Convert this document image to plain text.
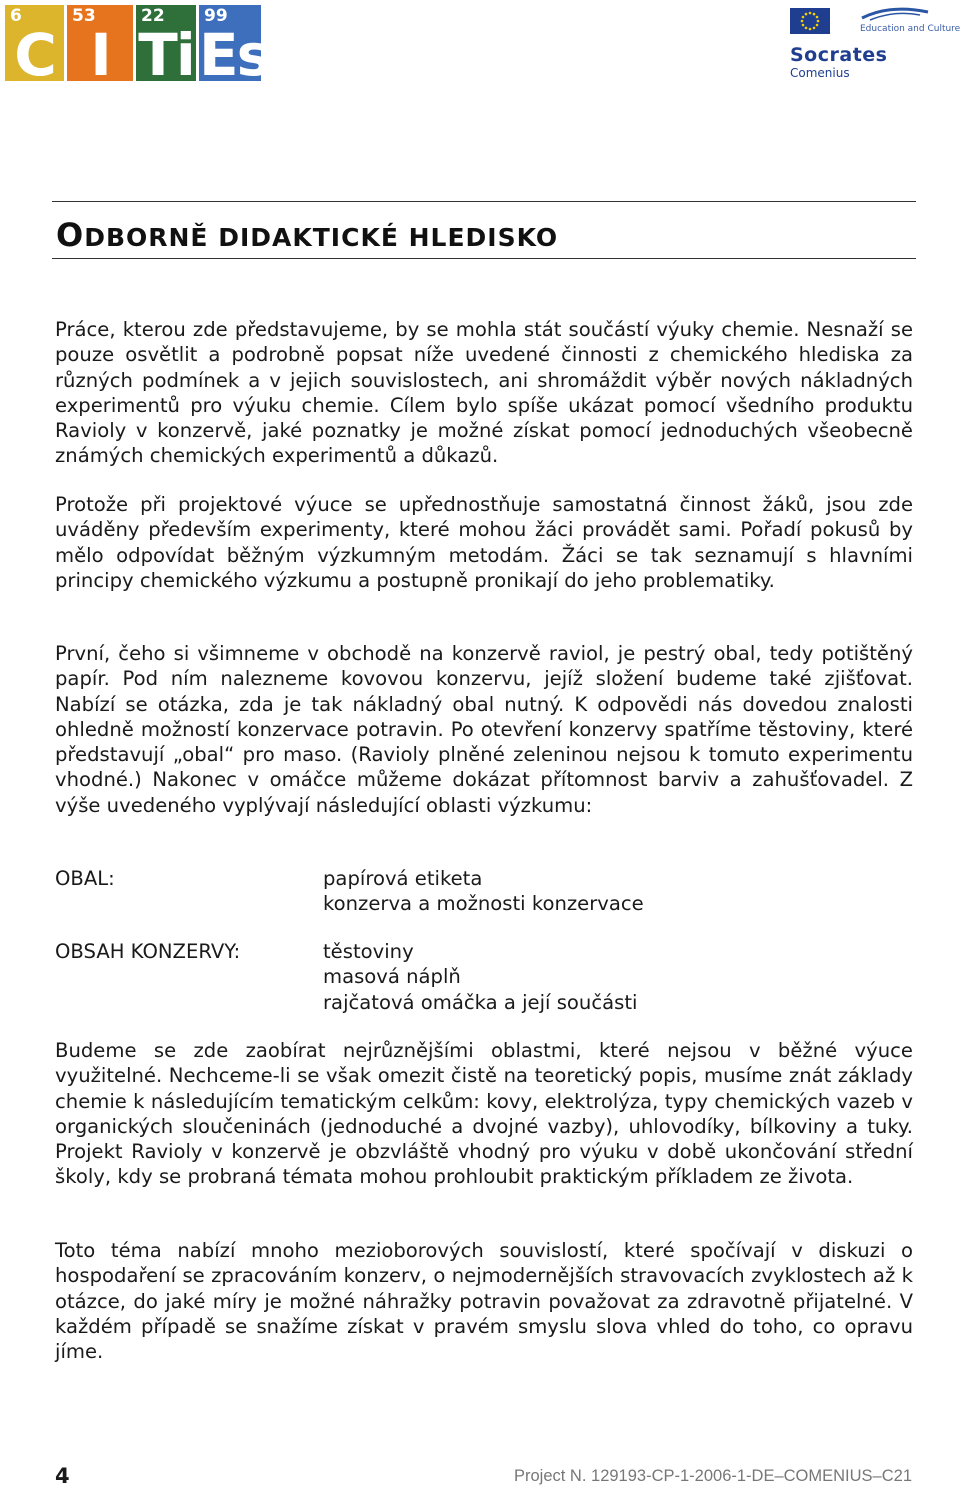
6
C
53
I
22
Ti
99
Es	Education and Culture
Socrates
Comenius
ODBORNĚ DIDAKTICKÉ HLEDISKO

Práce, kterou zde představujeme, by se mohla stát součástí výuky chemie. Nesnaží se pouze osvětlit a podrobně popsat níže uvedené činnosti z chemického hlediska za různých podmínek a v jejich souvislostech, ani shromáždit výběr nových nákladných experimentů pro výuku chemie. Cílem bylo spíše ukázat pomocí všedního produktu Ravioly v konzervě, jaké poznatky je možné získat pomocí jednoduchých všeobecně známých chemických experimentů a důkazů.

Protože při projektové výuce se upřednostňuje samostatná činnost žáků, jsou zde uváděny především experimenty, které mohou žáci provádět sami. Pořadí pokusů by mělo odpovídat běžným výzkumným metodám. Žáci se tak seznamují s hlavními principy chemického výzkumu a postupně pronikají do jeho problematiky.

První, čeho si všimneme v obchodě na konzervě raviol, je pestrý obal, tedy potištěný papír. Pod ním nalezneme kovovou konzervu, jejíž složení budeme také zjišťovat. Nabízí se otázka, zda je tak nákladný obal nutný. K odpovědi nás dovedou znalosti ohledně možností konzervace potravin. Po otevření konzervy spatříme těstoviny, které představují „obal“ pro maso. (Ravioly plněné zeleninou nejsou k tomuto experimentu vhodné.) Nakonec v omáčce můžeme dokázat přítomnost barviv a zahušťovadel. Z výše uvedeného vyplývají následující oblasti výzkumu:

OBAL:	papírová etiketa
konzerva a možnosti konzervace
OBSAH KONZERVY:	těstoviny
masová náplň
rajčatová omáčka a její součásti

Budeme se zde zaobírat nejrůznějšími oblastmi, které nejsou v běžné výuce využitelné. Nechceme-li se však omezit čistě na teoretický popis, musíme znát základy chemie k následujícím tematickým celkům: kovy, elektrolýza, typy chemických vazeb v organických sloučeninách (jednoduché a dvojné vazby), uhlovodíky, bílkoviny a tuky. Projekt Ravioly v konzervě je obzvláště vhodný pro výuku v době ukončování střední školy, kdy se probraná témata mohou prohloubit praktickým příkladem ze života.

Toto téma nabízí mnoho mezioborových souvislostí, které spočívají v diskuzi o hospodaření se zpracováním konzerv, o nejmodernějších stravovacích zvyklostech až k otázce, do jaké míry je možné náhražky potravin považovat za zdravotně přijatelné. V každém případě se snažíme získat v pravém smyslu slova vhled do toho, co opravu jíme.

4	Project N. 129193-CP-1-2006-1-DE–COMENIUS–C21
